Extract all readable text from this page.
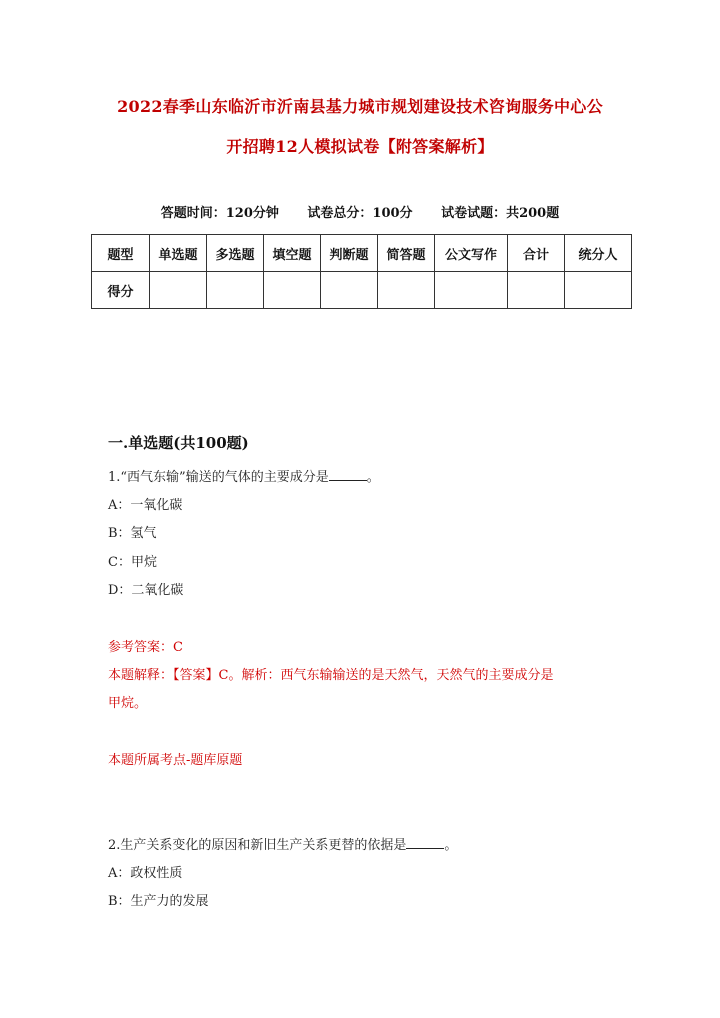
2022春季山东临沂市沂南县基力城市规划建设技术咨询服务中心公
开招聘12人模拟试卷【附答案解析】
答题时间：120分钟 试卷总分：100分 试卷试题：共200题
题型	单选题	多选题	填空题	判断题	简答题	公文写作	合计	统分人
得分								
一.单选题(共100题)
1.“西气东输”输送的气体的主要成分是	。
A：一氧化碳
B：氢气
C：甲烷
D：二氧化碳
参考答案：C
本题解释：【答案】C。解析：西气东输输送的是天然气，天然气的主要成分是
甲烷。
本题所属考点-题库原题
2.生产关系变化的原因和新旧生产关系更替的依据是	。
A：政权性质
B：生产力的发展
